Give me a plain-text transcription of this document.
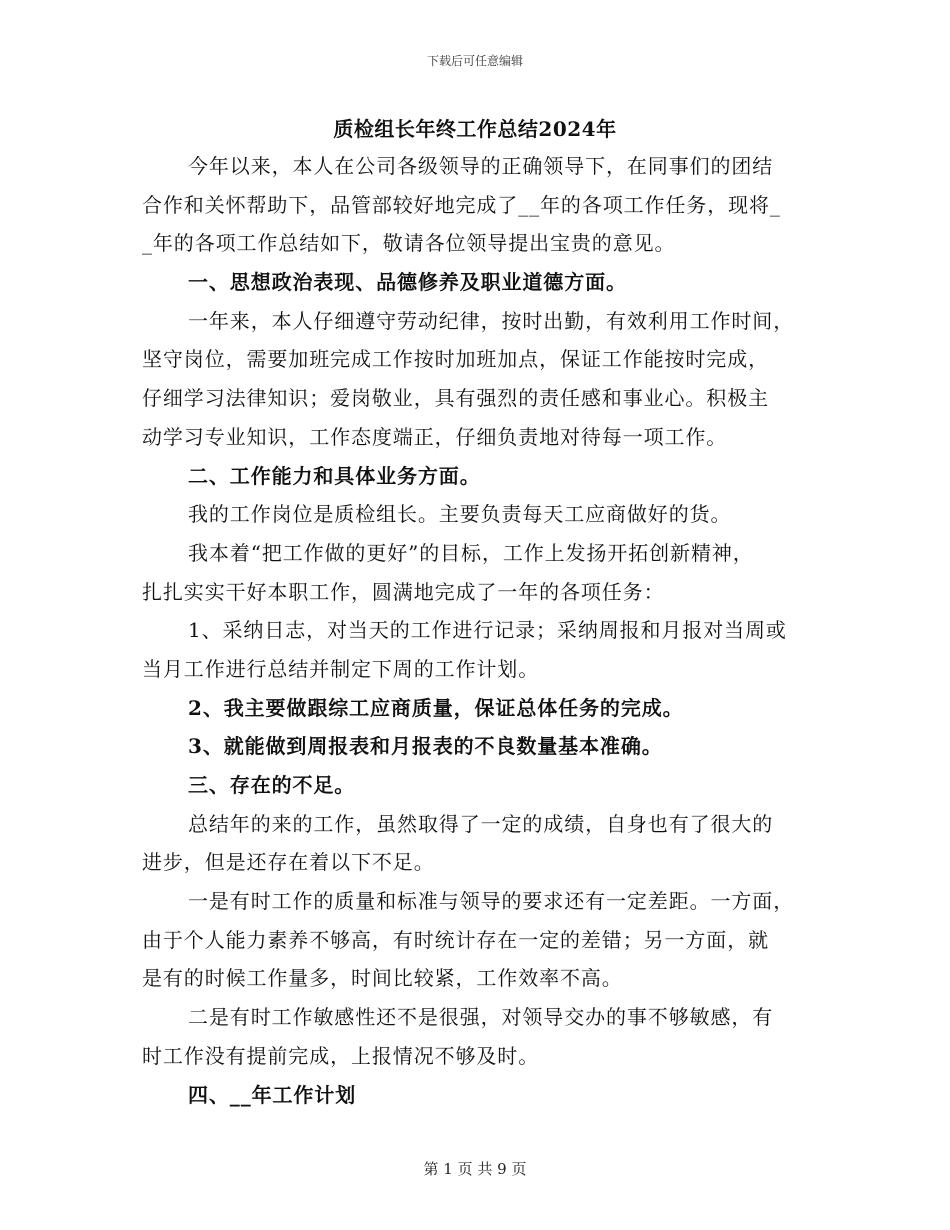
下载后可任意编辑
质检组长年终工作总结2024年
今年以来，本人在公司各级领导的正确领导下，在同事们的团结
合作和关怀帮助下，品管部较好地完成了__年的各项工作任务，现将_
_年的各项工作总结如下，敬请各位领导提出宝贵的意见。
一、思想政治表现、品德修养及职业道德方面。
一年来，本人仔细遵守劳动纪律，按时出勤，有效利用工作时间，
坚守岗位，需要加班完成工作按时加班加点，保证工作能按时完成，
仔细学习法律知识；爱岗敬业，具有强烈的责任感和事业心。积极主
动学习专业知识，工作态度端正，仔细负责地对待每一项工作。
二、工作能力和具体业务方面。
我的工作岗位是质检组长。主要负责每天工应商做好的货。
我本着“把工作做的更好”的目标，工作上发扬开拓创新精神，
扎扎实实干好本职工作，圆满地完成了一年的各项任务：
1、采纳日志，对当天的工作进行记录；采纳周报和月报对当周或
当月工作进行总结并制定下周的工作计划。
2、我主要做跟综工应商质量，保证总体任务的完成。
3、就能做到周报表和月报表的不良数量基本准确。
三、存在的不足。
总结年的来的工作，虽然取得了一定的成绩，自身也有了很大的
进步，但是还存在着以下不足。
一是有时工作的质量和标准与领导的要求还有一定差距。一方面，
由于个人能力素养不够高，有时统计存在一定的差错；另一方面，就
是有的时候工作量多，时间比较紧，工作效率不高。
二是有时工作敏感性还不是很强，对领导交办的事不够敏感，有
时工作没有提前完成，上报情况不够及时。
四、__年工作计划
第 1 页 共 9 页
